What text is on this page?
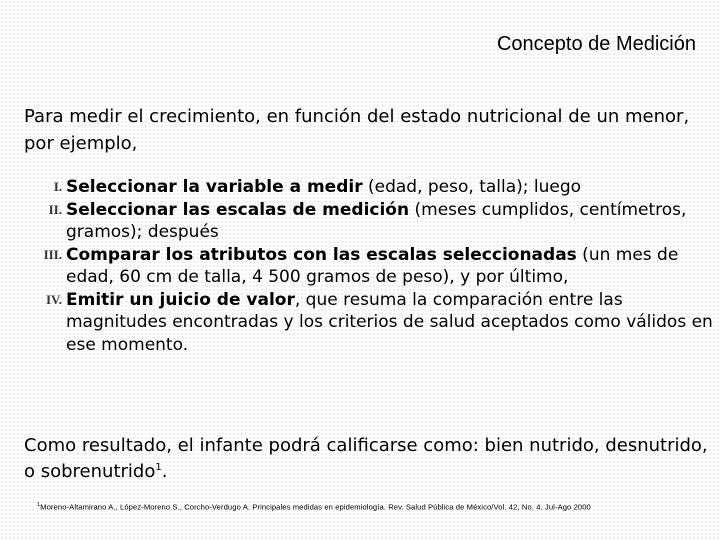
Concepto de Medición

Para medir el crecimiento, en función del estado nutricional de un menor, por ejemplo,

I. Seleccionar la variable a medir (edad, peso, talla); luego
II. Seleccionar las escalas de medición (meses cumplidos, centímetros, gramos); después
III. Comparar los atributos con las escalas seleccionadas (un mes de edad, 60 cm de talla, 4 500 gramos de peso), y por último,
IV. Emitir un juicio de valor, que resuma la comparación entre las magnitudes encontradas y los criterios de salud aceptados como válidos en ese momento.

Como resultado, el infante podrá calificarse como: bien nutrido, desnutrido, o sobrenutrido$^1$.

$^1$Moreno-Altamirano A., López-Moreno S., Corcho-Verdugo A. Principales medidas en epidemiología. Rev. Salud Pública de México/Vol. 42, No. 4. Jul-Ago 2000
